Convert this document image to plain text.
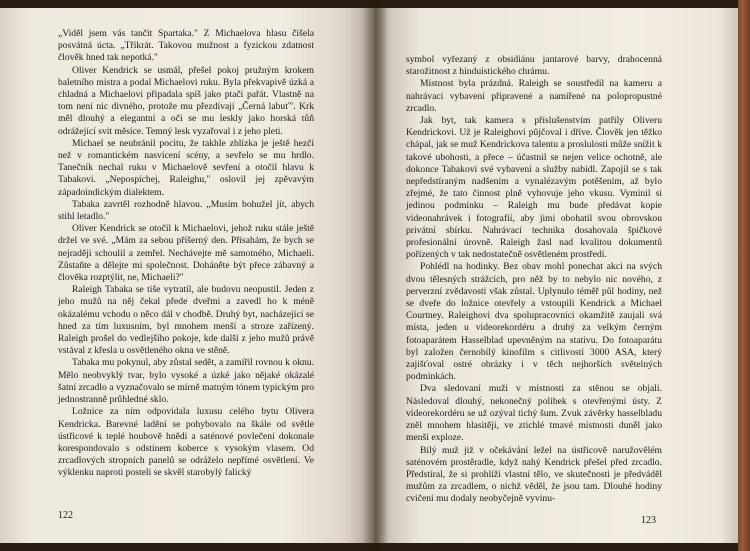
„Viděl jsem vás tančit Spartaka." Z Michaelova hlasu čišela posvátná úcta. „Třikrát. Takovou mužnost a fyzickou zdatnost člověk hned tak nepotká."

Oliver Kendrick se usmál, přešel pokoj pružným krokem baletního mistra a podal Michaelovi ruku. Byla překvapivě úzká a chladná a Michaelovi připadala spíš jako ptačí pařát. Vlastně na tom není nic divného, protože mu přezdívají „Černá labuť". Krk měl dlouhý a elegantní a oči se mu leskly jako horská tůň odrážející svit měsíce. Temný lesk vyzařoval i z jeho pleti.

Michael se neubránil pocitu, že takhle zblízka je ještě hezčí než v romantickém nasvícení scény, a sevřelo se mu hrdlo. Tanečník nechal ruku v Michaelově sevření a otočil hlavu k Tabakovi. „Nepospíchej, Raleighu," oslovil jej zpěvavým západoindickým dialektem.

Tabaka zavrtěl rozhodně hlavou. „Musím bohužel jít, abych stihl letadlo."

Oliver Kendrick se otočil k Michaelovi, jehož ruku stále ještě držel ve své. „Mám za sebou příšerný den. Přísahám, že bych se nejraději schoulil a zemřel. Nechávejte mě samotného, Michaeli. Zůstaňte a dělejte mi společnost. Doháněte být přece zábavný a člověka rozptýlit, ne, Michaeli?"

Raleigh Tabaka se tiše vytratil, ale budovu neopustil. Jeden z jeho mužů na něj čekal přede dveřmi a zavedl ho k méně okázalému vchodu o něco dál v chodbě. Druhý byt, nacházející se hned za tím luxusním, byl mnohem menší a stroze zařízený. Raleigh prošel do vedlejšího pokoje, kde další z jeho mužů právě vstával z křesla u osvětleného okna ve stěně.

Tabaka mu pokynul, aby zůstal sedět, a zamířil rovnou k oknu. Mělo neobvyklý tvar, bylo vysoké a úzké jako nějaké okázalé šatní zrcadlo a vyznačovalo se mírně matným tónem typickým pro jednostranně průhledné sklo.

Ložnice za ním odpovídala luxusu celého bytu Olivera Kendricka. Barevné ladění se pohybovalo na škále od světle ústřicové k teplé houbově hnědi a saténové povlečení dokonale korespondovalo s odstínem koberce s vysokým vlasem. Od zrcadlových stropních panelů se odráželo nepřímé osvětlení. Ve výklenku naproti posteli se skvěl starobylý falický

122

symbol vyřezaný z obsidiánu jantarové barvy, drahocenná starožitnost z hinduistického chrámu.

Místnost byla prázdná. Raleigh se soustředil na kameru a nahrávací vybavení připravené a namířené na polopropustné zrcadlo.

Jak byt, tak kamera s příslušenstvím patřily Oliveru Kendrickovi. Už je Raleighovi půjčoval i dříve. Člověk jen těžko chápal, jak se muž Kendrickova talentu a proslulosti může snížit k takové ubohosti, a přece – účastnil se nejen velice ochotně, ale dokonce Tabakovi své vybavení a služby nabídl. Zapojil se s tak nepředstíraným nadšením a vynalézavým potěšením, až bylo zřejmé, že tato činnost plně vyhovuje jeho vkusu. Vyminil si jedinou podmínku – Raleigh mu bude předávat kopie videonahrávek i fotografií, aby jimi obohatil svou obrovskou privátní sbírku. Nahrávací technika dosahovala špičkové profesionální úrovně. Raleigh žasl nad kvalitou dokumentů pořízených v tak nedostatečně osvětleném prostředí.

Pohlédl na hodinky. Bez obav mohl ponechat akci na svých dvou tělesných strážcích, pro něž by to nebylo nic nového, z perverzní zvědavosti však zůstal. Uplynulo téměř půl hodiny, než se dveře do ložnice otevřely a vstoupili Kendrick a Michael Courtney. Raleighovi dva spolupracovníci okamžitě zaujali svá místa, jeden u videorekordéru a druhý za velkým černým fotoaparátem Hasselblad upevněným na stativu. Do fotoaparátu byl založen černobílý kinofilm s citlivostí 3000 ASA, který zajišťoval ostré obrázky i v těch nejhorších světelných podmínkách.

Dva sledovaní muži v místnosti za stěnou se objali. Následoval dlouhý, nekonečný polibek s otevřenými ústy. Z videorekordéru se už ozýval tichý šum. Zvuk závěrky hasselbladu zněl mnohem hlasitěji, ve ztichlé tmavé místnosti duněl jako menší exploze.

Bílý muž již v očekávání ležel na ústřicově naružovělém saténovém prostěradle, když nahý Kendrick přešel před zrcadlo. Předstíral, že si prohlíží vlastní tělo, ve skutečnosti je předváděl mužům za zrcadlem, o nichž věděl, že jsou tam. Dlouhé hodiny cvičení mu dodaly neobyčejně vyvinu-

123
